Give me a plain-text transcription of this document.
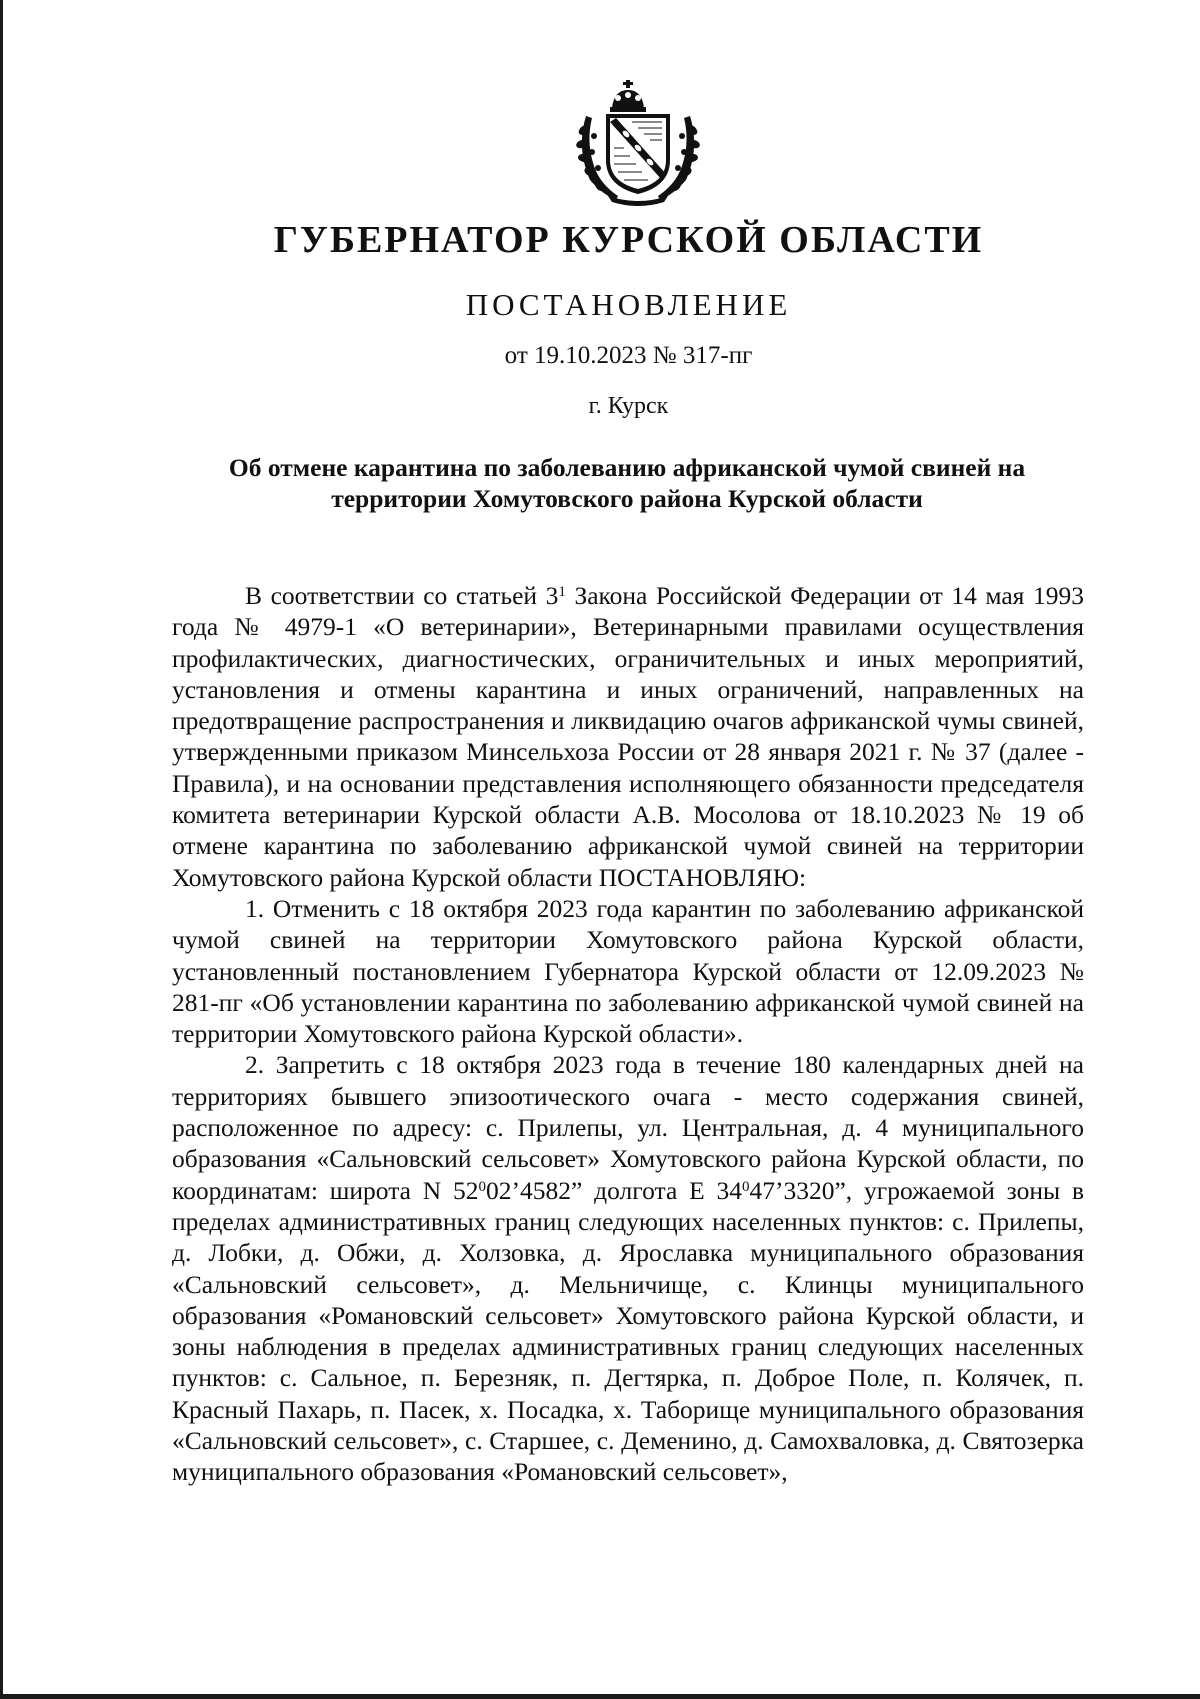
ГУБЕРНАТОР КУРСКОЙ ОБЛАСТИ
ПОСТАНОВЛЕНИЕ
от 19.10.2023 № 317-пг
г. Курск
Об отмене карантина по заболеванию африканской чумой свиней на
территории Хомутовского района Курской области

В соответствии со статьей $3^1$ Закона Российской Федерации от 14 мая 1993 года № 4979-1 «О ветеринарии», Ветеринарными правилами осуществления профилактических, диагностических, ограничительных и иных мероприятий, установления и отмены карантина и иных ограничений, направленных на предотвращение распространения и ликвидацию очагов африканской чумы свиней, утвержденными приказом Минсельхоза России от 28 января 2021 г. № 37 (далее - Правила), и на основании представления исполняющего обязанности председателя комитета ветеринарии Курской области А.В. Мосолова от 18.10.2023 № 19 об отмене карантина по заболеванию африканской чумой свиней на территории Хомутовского района Курской области ПОСТАНОВЛЯЮ:

1. Отменить с 18 октября 2023 года карантин по заболеванию африканской чумой свиней на территории Хомутовского района Курской области, установленный постановлением Губернатора Курской области от 12.09.2023 № 281-пг «Об установлении карантина по заболеванию африканской чумой свиней на территории Хомутовского района Курской области».

2. Запретить с 18 октября 2023 года в течение 180 календарных дней на территориях бывшего эпизоотического очага - место содержания свиней, расположенное по адресу: с. Прилепы, ул. Центральная, д. 4 муниципального образования «Сальновский сельсовет» Хомутовского района Курской области, по координатам: широта N $52^002’4582$” долгота Е $34^047’3320$”, угрожаемой зоны в пределах административных границ следующих населенных пунктов: с. Прилепы, д. Лобки, д. Обжи, д. Холзовка, д. Ярославка муниципального образования «Сальновский сельсовет», д. Мельничище, с. Клинцы муниципального образования «Романовский сельсовет» Хомутовского района Курской области, и зоны наблюдения в пределах административных границ следующих населенных пунктов: с. Сальное, п. Березняк, п. Дегтярка, п. Доброе Поле, п. Колячек, п. Красный Пахарь, п. Пасек, х. Посадка, х. Таборище муниципального образования «Сальновский сельсовет», с. Старшее, с. Деменино, д. Самохваловка, д. Святозерка муниципального образования «Романовский сельсовет»,
